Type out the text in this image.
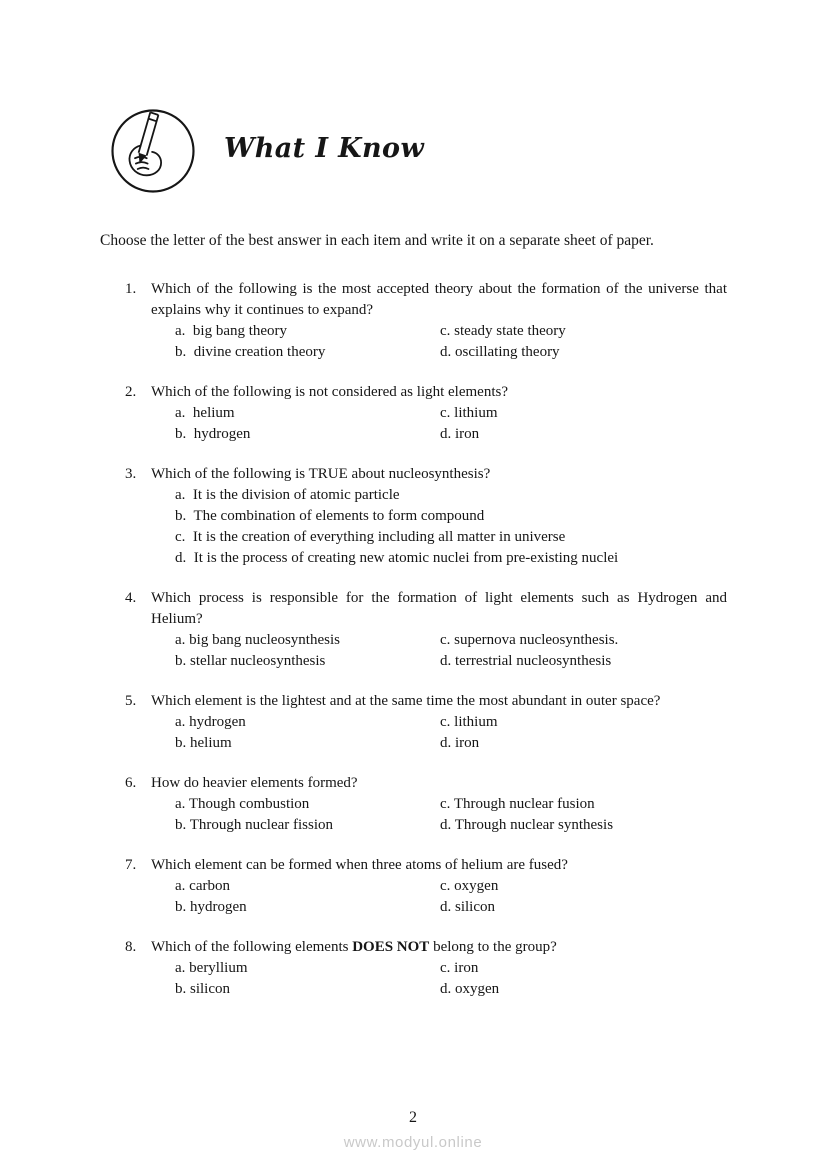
What I Know

Choose the letter of the best answer in each item and write it on a separate sheet of paper.

1. Which of the following is the most accepted theory about the formation of the universe that explains why it continues to expand?
a.  big bang theory	c. steady state theory
b.  divine creation theory	d. oscillating theory
2. Which of the following is not considered as light elements?
a.  helium	c. lithium
b.  hydrogen	d. iron
3. Which of the following is TRUE about nucleosynthesis?
a.  It is the division of atomic particle
b.  The combination of elements to form compound
c.  It is the creation of everything including all matter in universe
d.  It is the process of creating new atomic nuclei from pre-existing nuclei
4. Which process is responsible for the formation of light elements such as Hydrogen and Helium?
a. big bang nucleosynthesis	c. supernova nucleosynthesis.
b. stellar nucleosynthesis	d. terrestrial nucleosynthesis
5. Which element is the lightest and at the same time the most abundant in outer space?
a. hydrogen	c. lithium
b. helium	d. iron
6. How do heavier elements formed?
a. Though combustion	c. Through nuclear fusion
b. Through nuclear fission	d. Through nuclear synthesis
7. Which element can be formed when three atoms of helium are fused?
a. carbon	c. oxygen
b. hydrogen	d. silicon
8. Which of the following elements DOES NOT belong to the group?
a. beryllium	c. iron
b. silicon	d. oxygen
2
www.modyul.online
